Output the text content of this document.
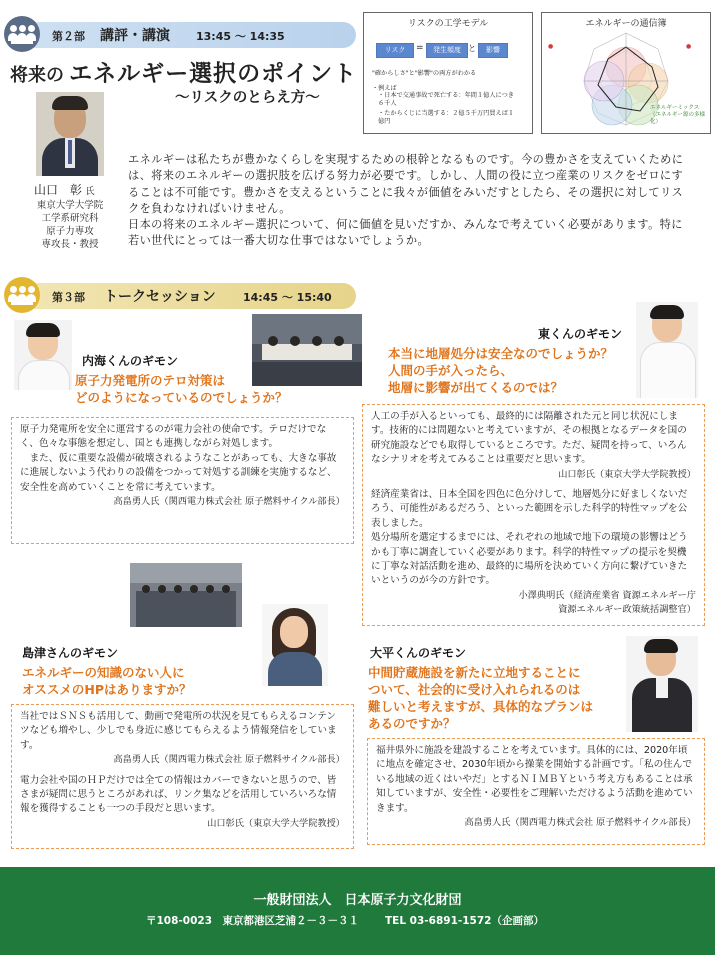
第２部 講評・講演 13:45 〜 14:35
将来の エネルギー選択のポイント
〜リスクのとらえ方〜
リスクの工学モデル
リスク	=	発生頻度 と	影響
"確からしさ"と"影響"の両方がわかる
・例えば
・日本で交通事故で死亡する：年間１億人につき６千人
・たからくじに当選する：２億５千万円買えば１億円
エネルギーの通信簿
●	●
エネルギーミックス
（エネルギー源の多様化）
山口　彰 氏
東京大学大学院
工学系研究科
原子力専攻
専攻長・教授

エネルギーは私たちが豊かなくらしを実現するための根幹となるものです。今の豊かさを支えていくためには、将来のエネルギーの選択肢を広げる努力が必要です。しかし、人間の役に立つ産業のリスクをゼロにすることは不可能です。豊かさを支えるということに我々が価値をみいだすとしたら、その選択に対してリスクを負わなければいけません。

日本の将来のエネルギー選択について、何に価値を見いだすか、みんなで考えていく必要があります。特に若い世代にとっては一番大切な仕事ではないでしょうか。

第３部 トークセッション 14:45 〜 15:40
内海くんのギモン
原子力発電所のテロ対策は
どのようになっているのでしょうか？

原子力発電所を安全に運営するのが電力会社の使命です。テロだけでなく、色々な事態を想定し、国とも連携しながら対処します。
　また、仮に重要な設備が破壊されるようなことがあっても、大きな事故に進展しないよう代わりの設備をつかって対処する訓練を実施するなど、安全性を高めていくことを常に考えています。

高畠勇人氏（関西電力株式会社 原子燃料サイクル部長）

東くんのギモン
本当に地層処分は安全なのでしょうか？
人間の手が入ったら、
地層に影響が出てくるのでは？

人工の手が入るといっても、最終的には隔離された元と同じ状況にします。技術的には問題ないと考えていますが、その根拠となるデータを国の研究施設などでも取得しているところです。ただ、疑問を持って、いろんなシナリオを考えてみることは重要だと思います。

山口彰氏（東京大学大学院教授）

経済産業省は、日本全国を四色に色分けして、地層処分に好ましくないだろう、可能性があるだろう、といった範囲を示した科学的特性マップを公表しました。
処分場所を選定するまでには、それぞれの地域で地下の環境の影響はどうかも丁寧に調査していく必要があります。科学的特性マップの提示を契機に丁寧な対話活動を進め、最終的に場所を決めていく方向に繋げていきたいというのが今の方針です。

小澤典明氏（経済産業省 資源エネルギー庁
資源エネルギー政策統括調整官）

島津さんのギモン
エネルギーの知識のない人に
オススメのHPはありますか？

当社ではＳＮＳも活用して、動画で発電所の状況を見てもらえるコンテンツなども増やし、少しでも身近に感じてもらえるよう情報発信をしています。

高畠勇人氏（関西電力株式会社 原子燃料サイクル部長）

電力会社や国のＨＰだけでは全ての情報はカバーできないと思うので、皆さまが疑問に思うところがあれば、リンク集などを活用していろいろな情報を獲得することも一つの手段だと思います。

山口彰氏（東京大学大学院教授）

大平くんのギモン
中間貯蔵施設を新たに立地することに
ついて、社会的に受け入れられるのは
難しいと考えますが、具体的なプランは
あるのですか？

福井県外に施設を建設することを考えています。具体的には、2020年頃に地点を確定させ、2030年頃から操業を開始する計画です。「私の住んでいる地域の近くはいやだ」とするＮＩＭＢＹという考え方もあることは承知していますが、安全性・必要性をご理解いただけるよう活動を進めていきます。

高畠勇人氏（関西電力株式会社 原子燃料サイクル部長）

一般財団法人　日本原子力文化財団
〒108-0023　東京都港区芝浦２－３－３１ TEL 03-6891-1572（企画部）
